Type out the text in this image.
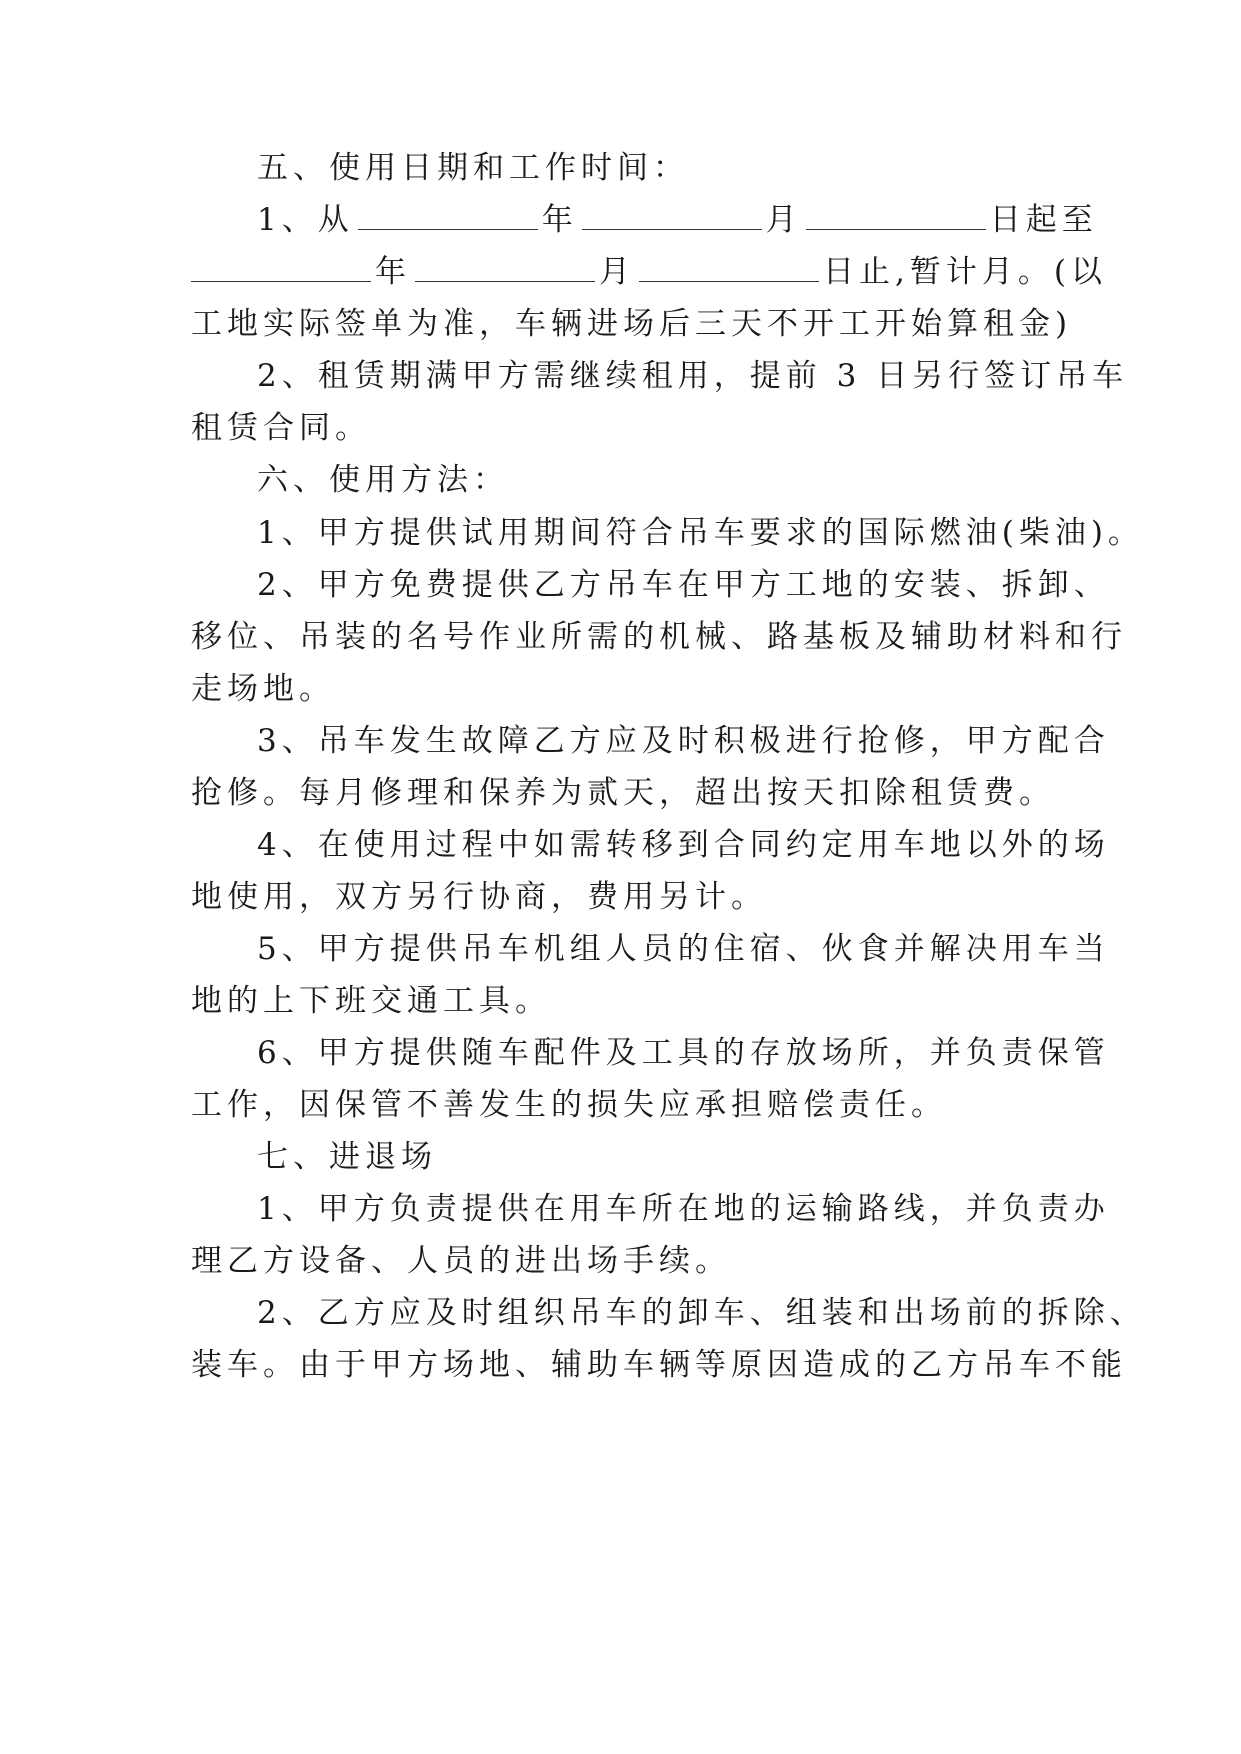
五、使用日期和工作时间：
1、从	年	月	日起至
年	月	日止,暂计月。(以
工地实际签单为准，车辆进场后三天不开工开始算租金)
2、租赁期满甲方需继续租用，提前 3 日另行签订吊车
租赁合同。
六、使用方法：
1、甲方提供试用期间符合吊车要求的国际燃油(柴油)。
2、甲方免费提供乙方吊车在甲方工地的安装、拆卸、
移位、吊装的名号作业所需的机械、路基板及辅助材料和行
走场地。
3、吊车发生故障乙方应及时积极进行抢修，甲方配合
抢修。每月修理和保养为贰天，超出按天扣除租赁费。
4、在使用过程中如需转移到合同约定用车地以外的场
地使用，双方另行协商，费用另计。
5、甲方提供吊车机组人员的住宿、伙食并解决用车当
地的上下班交通工具。
6、甲方提供随车配件及工具的存放场所，并负责保管
工作，因保管不善发生的损失应承担赔偿责任。
七、进退场
1、甲方负责提供在用车所在地的运输路线，并负责办
理乙方设备、人员的进出场手续。
2、乙方应及时组织吊车的卸车、组装和出场前的拆除、
装车。由于甲方场地、辅助车辆等原因造成的乙方吊车不能
